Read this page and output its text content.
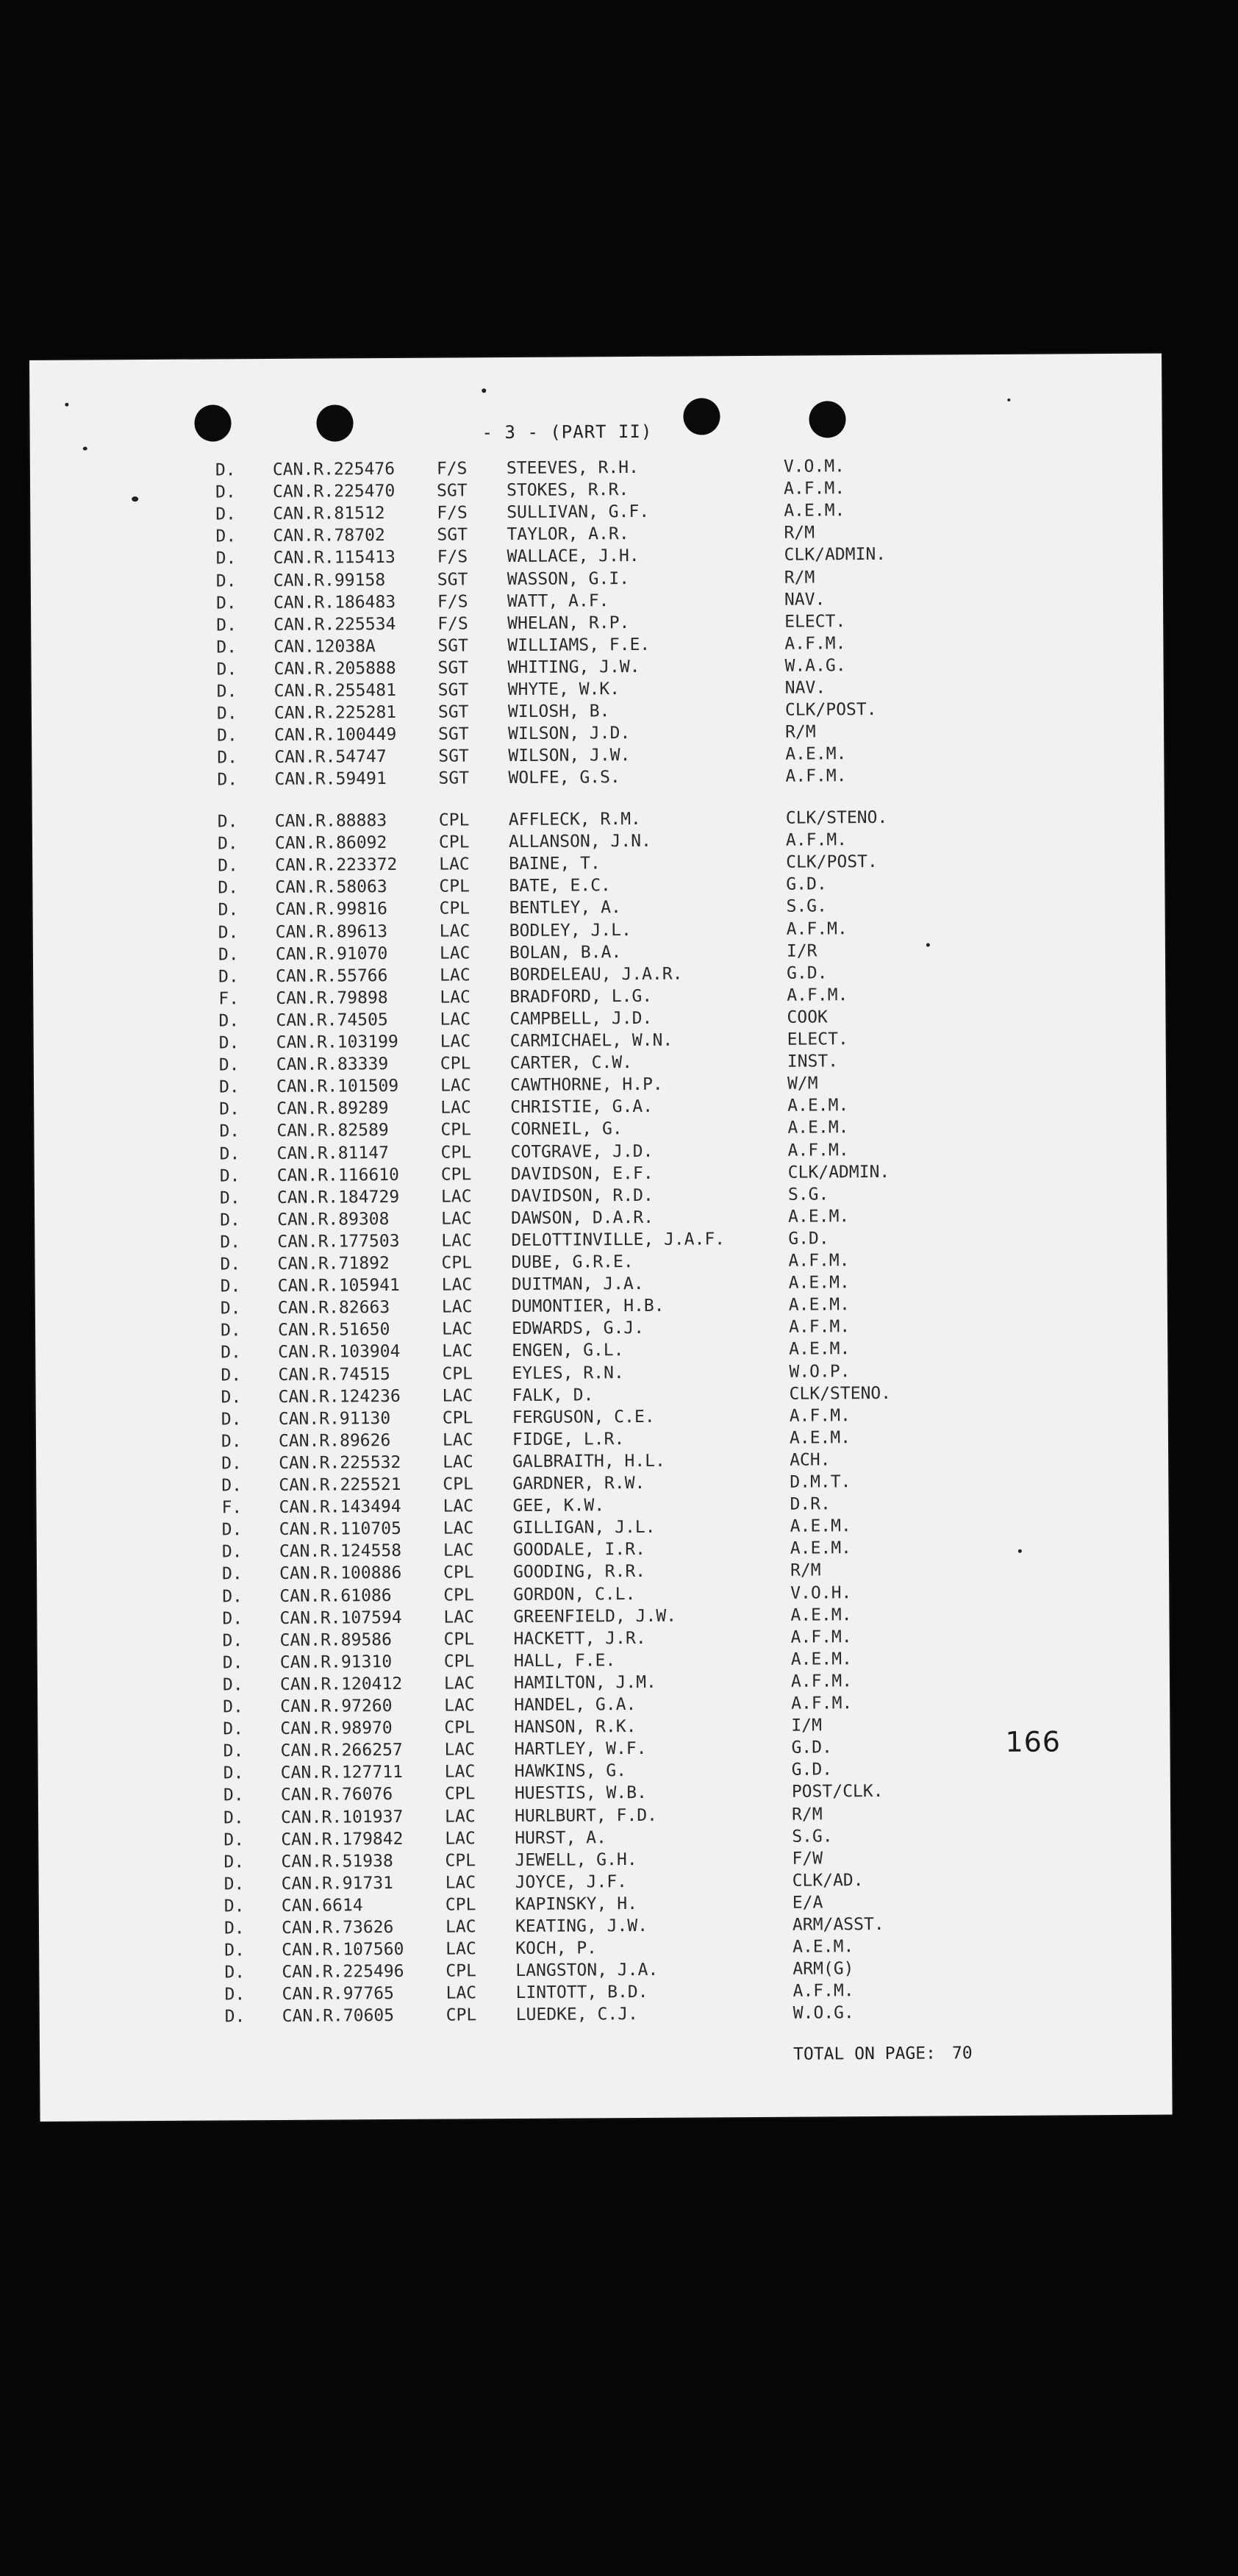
- 3 - (PART II)
D. CAN.R.225476 F/S STEEVES, R.H.	V.O.M.
D. CAN.R.225470 SGT STOKES, R.R.	A.F.M.
D. CAN.R.81512	F/S SULLIVAN, G.F.	A.E.M.
D. CAN.R.78702	SGT TAYLOR, A.R.	R/M
D. CAN.R.115413 F/S WALLACE, J.H.	CLK/ADMIN.
D. CAN.R.99158	SGT WASSON, G.I.	R/M
D. CAN.R.186483 F/S WATT, A.F.	NAV.
D. CAN.R.225534 F/S WHELAN, R.P.	ELECT.
D. CAN.12038A	SGT WILLIAMS, F.E.	A.F.M.
D. CAN.R.205888 SGT WHITING, J.W.	W.A.G.
D. CAN.R.255481 SGT WHYTE, W.K.	NAV.
D. CAN.R.225281 SGT WILOSH, B.	CLK/POST.
D. CAN.R.100449 SGT WILSON, J.D.	R/M
D. CAN.R.54747	SGT WILSON, J.W.	A.E.M.
D. CAN.R.59491	SGT WOLFE, G.S.	A.F.M.
D. CAN.R.88883	CPL AFFLECK, R.M.	CLK/STENO.
D. CAN.R.86092	CPL ALLANSON, J.N.	A.F.M.
D. CAN.R.223372 LAC BAINE, T.	CLK/POST.
D. CAN.R.58063	CPL BATE, E.C.	G.D.
D. CAN.R.99816	CPL BENTLEY, A.	S.G.
D. CAN.R.89613	LAC BODLEY, J.L.	A.F.M.
D. CAN.R.91070	LAC BOLAN, B.A.	I/R
D. CAN.R.55766	LAC BORDELEAU, J.A.R.	G.D.
F. CAN.R.79898	LAC BRADFORD, L.G.	A.F.M.
D. CAN.R.74505	LAC CAMPBELL, J.D.	COOK
D. CAN.R.103199 LAC CARMICHAEL, W.N.	ELECT.
D. CAN.R.83339	CPL CARTER, C.W.	INST.
D. CAN.R.101509 LAC CAWTHORNE, H.P.	W/M
D. CAN.R.89289	LAC CHRISTIE, G.A.	A.E.M.
D. CAN.R.82589	CPL CORNEIL, G.	A.E.M.
D. CAN.R.81147	CPL COTGRAVE, J.D.	A.F.M.
D. CAN.R.116610 CPL DAVIDSON, E.F.	CLK/ADMIN.
D. CAN.R.184729 LAC DAVIDSON, R.D.	S.G.
D. CAN.R.89308	LAC DAWSON, D.A.R.	A.E.M.
D. CAN.R.177503 LAC DELOTTINVILLE, J.A.F.	G.D.
D. CAN.R.71892	CPL DUBE, G.R.E.	A.F.M.
D. CAN.R.105941 LAC DUITMAN, J.A.	A.E.M.
D. CAN.R.82663	LAC DUMONTIER, H.B.	A.E.M.
D. CAN.R.51650	LAC EDWARDS, G.J.	A.F.M.
D. CAN.R.103904 LAC ENGEN, G.L.	A.E.M.
D. CAN.R.74515	CPL EYLES, R.N.	W.O.P.
D. CAN.R.124236 LAC FALK, D.	CLK/STENO.
D. CAN.R.91130	CPL FERGUSON, C.E.	A.F.M.
D. CAN.R.89626	LAC FIDGE, L.R.	A.E.M.
D. CAN.R.225532 LAC GALBRAITH, H.L.	ACH.
D. CAN.R.225521 CPL GARDNER, R.W.	D.M.T.
F. CAN.R.143494 LAC GEE, K.W.	D.R.
D. CAN.R.110705 LAC GILLIGAN, J.L.	A.E.M.
D. CAN.R.124558 LAC GOODALE, I.R.	A.E.M.
D. CAN.R.100886 CPL GOODING, R.R.	R/M
D. CAN.R.61086	CPL GORDON, C.L.	V.O.H.
D. CAN.R.107594 LAC GREENFIELD, J.W.	A.E.M.
D. CAN.R.89586	CPL HACKETT, J.R.	A.F.M.
D. CAN.R.91310	CPL HALL, F.E.	A.E.M.
D. CAN.R.120412 LAC HAMILTON, J.M.	A.F.M.
D. CAN.R.97260	LAC HANDEL, G.A.	A.F.M.
D. CAN.R.98970	CPL HANSON, R.K.	I/M
D. CAN.R.266257 LAC HARTLEY, W.F.	G.D.
D. CAN.R.127711 LAC HAWKINS, G.	G.D.
D. CAN.R.76076	CPL HUESTIS, W.B.	POST/CLK.
D. CAN.R.101937 LAC HURLBURT, F.D.	R/M
D. CAN.R.179842 LAC HURST, A.	S.G.
D. CAN.R.51938	CPL JEWELL, G.H.	F/W
D. CAN.R.91731	LAC JOYCE, J.F.	CLK/AD.
D. CAN.6614	CPL KAPINSKY, H.	E/A
D. CAN.R.73626	LAC KEATING, J.W.	ARM/ASST.
D. CAN.R.107560 LAC KOCH, P.	A.E.M.
D. CAN.R.225496 CPL LANGSTON, J.A.	ARM(G)
D. CAN.R.97765	LAC LINTOTT, B.D.	A.F.M.
D. CAN.R.70605	CPL LUEDKE, C.J.	W.O.G.
166
TOTAL ON PAGE: 70
